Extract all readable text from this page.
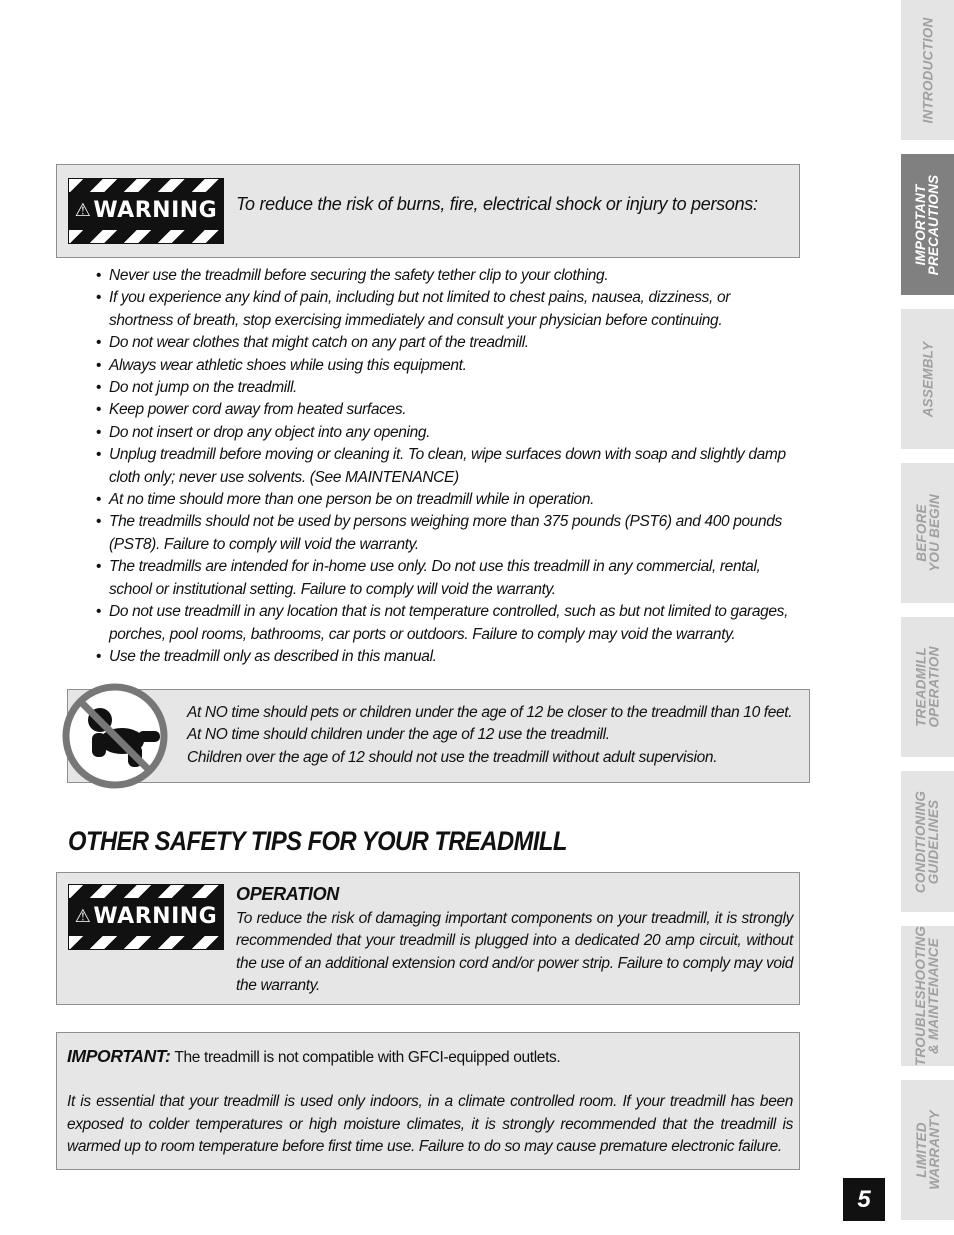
⚠WARNING	To reduce the risk of burns, fire, electrical shock or injury to persons:
• Never use the treadmill before securing the safety tether clip to your clothing.
• If you experience any kind of pain, including but not limited to chest pains, nausea, dizziness, or shortness of breath, stop exercising immediately and consult your physician before continuing.
• Do not wear clothes that might catch on any part of the treadmill.
• Always wear athletic shoes while using this equipment.
• Do not jump on the treadmill.
• Keep power cord away from heated surfaces.
• Do not insert or drop any object into any opening.
• Unplug treadmill before moving or cleaning it. To clean, wipe surfaces down with soap and slightly damp cloth only; never use solvents. (See MAINTENANCE)
• At no time should more than one person be on treadmill while in operation.
• The treadmills should not be used by persons weighing more than 375 pounds (PST6) and 400 pounds (PST8). Failure to comply will void the warranty.
• The treadmills are intended for in-home use only. Do not use this treadmill in any commercial, rental, school or institutional setting. Failure to comply will void the warranty.
• Do not use treadmill in any location that is not temperature controlled, such as but not limited to garages, porches, pool rooms, bathrooms, car ports or outdoors. Failure to comply may void the warranty.
• Use the treadmill only as described in this manual.
At NO time should pets or children under the age of 12 be closer to the treadmill than 10 feet.
At NO time should children under the age of 12 use the treadmill.
Children over the age of 12 should not use the treadmill without adult supervision.
OTHER SAFETY TIPS FOR YOUR TREADMILL
⚠WARNING
OPERATION
To reduce the risk of damaging important components on your treadmill, it is strongly recommended that your treadmill is plugged into a dedicated 20 amp circuit, without the use of an additional extension cord and/or power strip. Failure to comply may void the warranty.
IMPORTANT: The treadmill is not compatible with GFCI-equipped outlets.

It is essential that your treadmill is used only indoors, in a climate controlled room. If your treadmill has been exposed to colder temperatures or high moisture climates, it is strongly recommended that the treadmill is warmed up to room temperature before first time use. Failure to do so may cause premature electronic failure.

INTRODUCTION
IMPORTANT
PRECAUTIONS
ASSEMBLY
BEFORE
YOU BEGIN
TREADMILL
OPERATION
CONDITIONING
GUIDELINES
TROUBLESHOOTING
& MAINTENANCE
LIMITED
WARRANTY
5
